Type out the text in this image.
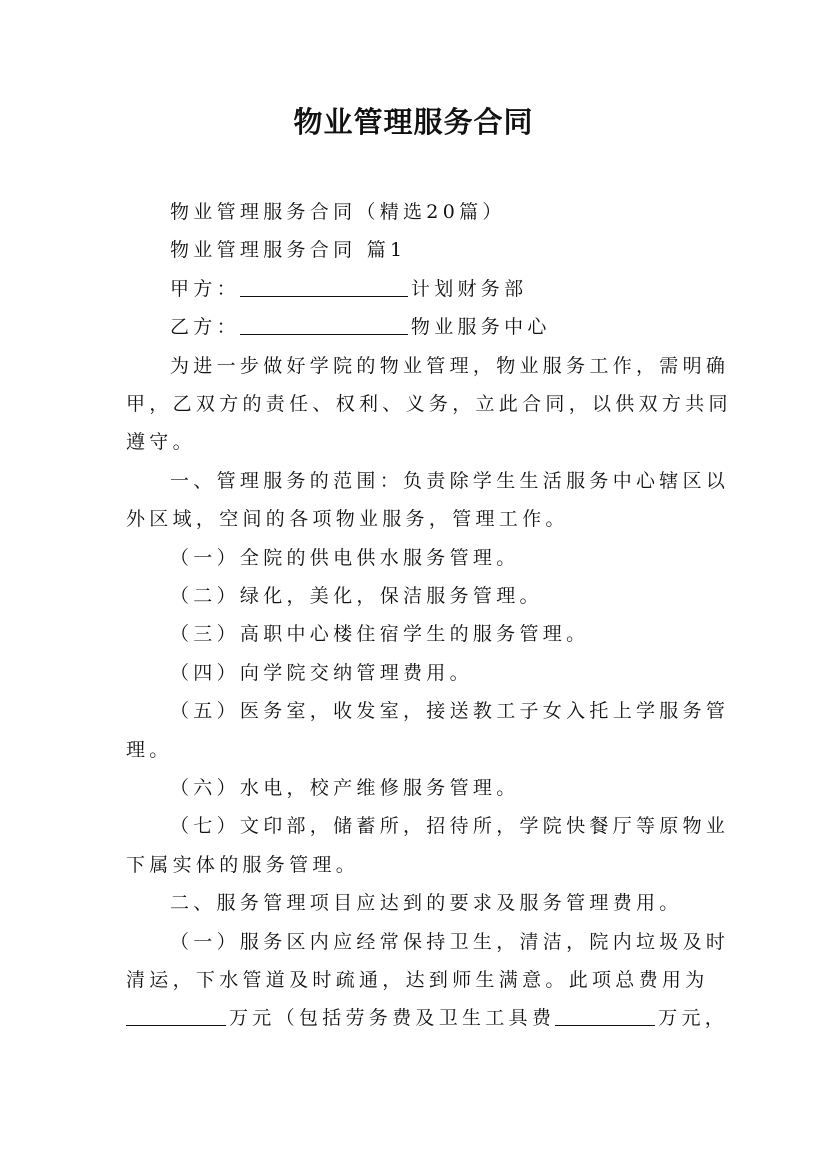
物业管理服务合同
物业管理服务合同（精选20篇）
物业管理服务合同 篇1
甲方：	计划财务部
乙方：	物业服务中心
为进一步做好学院的物业管理，物业服务工作，需明确
甲，乙双方的责任、权利、义务，立此合同，以供双方共同
遵守。
一、管理服务的范围：负责除学生生活服务中心辖区以
外区域，空间的各项物业服务，管理工作。
（一）全院的供电供水服务管理。
（二）绿化，美化，保洁服务管理。
（三）高职中心楼住宿学生的服务管理。
（四）向学院交纳管理费用。
（五）医务室，收发室，接送教工子女入托上学服务管
理。
（六）水电，校产维修服务管理。
（七）文印部，储蓄所，招待所，学院快餐厅等原物业
下属实体的服务管理。
二、服务管理项目应达到的要求及服务管理费用。
（一）服务区内应经常保持卫生，清洁，院内垃圾及时
清运，下水管道及时疏通，达到师生满意。此项总费用为
万元（包括劳务费及卫生工具费	万元，
